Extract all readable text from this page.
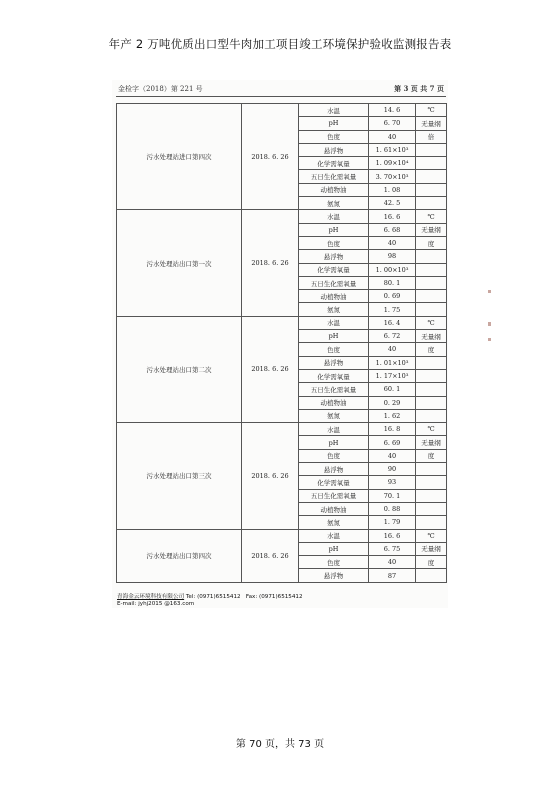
年产 2 万吨优质出口型牛肉加工项目竣工环境保护验收监测报告表
金检字（2018）第 221 号	第 3 页 共 7 页
污水处理站进口第四次	2018. 6. 26	水温	14. 6	℃
		pH	6. 70	无量纲
		色度	40	倍
		悬浮物	1. 61×10³	
		化学需氧量	1. 09×10⁴	
		五日生化需氧量	3. 70×10³	
		动植物油	1. 08	
		氨氮	42. 5	
污水处理站出口第一次	2018. 6. 26	水温	16. 6	℃
		pH	6. 68	无量纲
		色度	40	度
		悬浮物	98	
		化学需氧量	1. 00×10³	
		五日生化需氧量	80. 1	
		动植物油	0. 69	
		氨氮	1. 75	
污水处理站出口第二次	2018. 6. 26	水温	16. 4	℃
		pH	6. 72	无量纲
		色度	40	度
		悬浮物	1. 01×10³	
		化学需氧量	1. 17×10³	
		五日生化需氧量	60. 1	
		动植物油	0. 29	
		氨氮	1. 62	
污水处理站出口第三次	2018. 6. 26	水温	16. 8	℃
		pH	6. 69	无量纲
		色度	40	度
		悬浮物	90	
		化学需氧量	93	
		五日生化需氧量	70. 1	
		动植物油	0. 88	
		氨氮	1. 79	
污水处理站出口第四次	2018. 6. 26	水温	16. 6	℃
		pH	6. 75	无量纲
		色度	40	度
		悬浮物	87	
青海金云环境科技有限公司 Tel: (0971)6515412 Fax: (0971)6515412
E-mail: jyhj2015 @163.com
第 70 页，共 73 页
